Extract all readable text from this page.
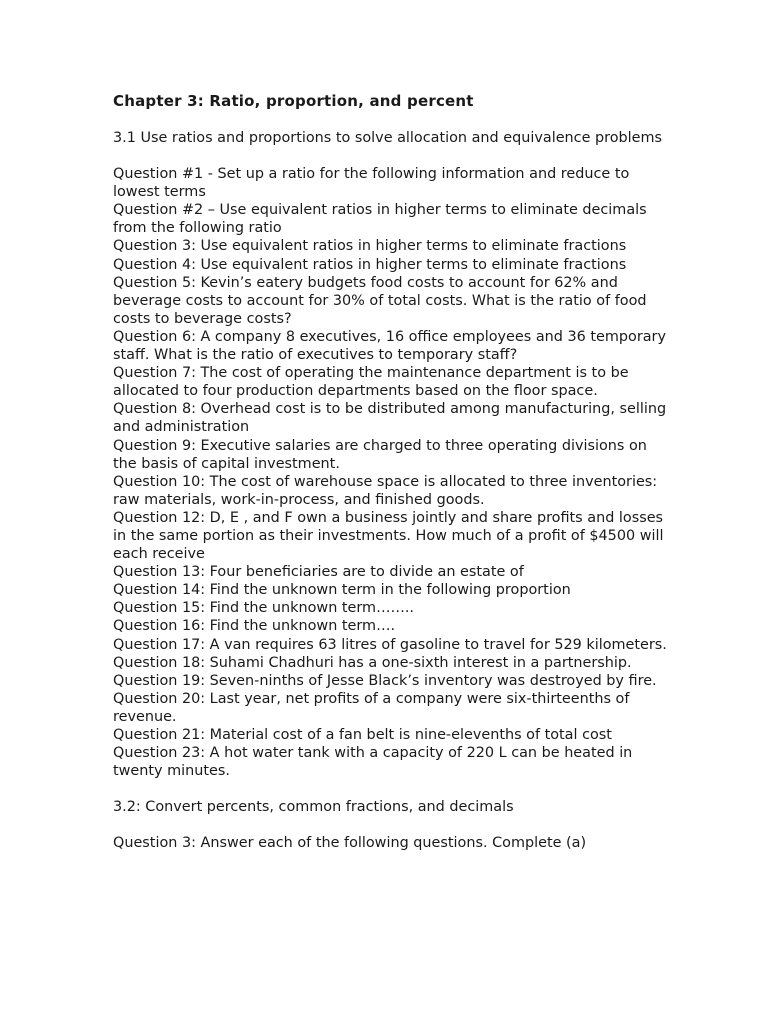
Chapter 3: Ratio, proportion, and percent

3.1 Use ratios and proportions to solve allocation and equivalence problems

Question #1 - Set up a ratio for the following information and reduce to lowest terms
Question #2 – Use equivalent ratios in higher terms to eliminate decimals from the following ratio
Question 3: Use equivalent ratios in higher terms to eliminate fractions
Question 4: Use equivalent ratios in higher terms to eliminate fractions
Question 5: Kevin’s eatery budgets food costs to account for 62% and beverage costs to account for 30% of total costs. What is the ratio of food costs to beverage costs?
Question 6: A company 8 executives, 16 office employees and 36 temporary staff. What is the ratio of executives to temporary staff?
Question 7: The cost of operating the maintenance department is to be allocated to four production departments based on the floor space.
Question 8: Overhead cost is to be distributed among manufacturing, selling and administration
Question 9: Executive salaries are charged to three operating divisions on the basis of capital investment.
Question 10: The cost of warehouse space is allocated to three inventories: raw materials, work-in-process, and finished goods.
Question 12: D, E , and F own a business jointly and share profits and losses in the same portion as their investments. How much of a profit of $4500 will each receive
Question 13: Four beneficiaries are to divide an estate of
Question 14: Find the unknown term in the following proportion
Question 15: Find the unknown term……..
Question 16: Find the unknown term….
Question 17: A van requires 63 litres of gasoline to travel for 529 kilometers.
Question 18: Suhami Chadhuri has a one-sixth interest in a partnership.
Question 19: Seven-ninths of Jesse Black’s inventory was destroyed by fire.
Question 20: Last year, net profits of a company were six-thirteenths of revenue.
Question 21: Material cost of a fan belt is nine-elevenths of total cost
Question 23: A hot water tank with a capacity of 220 L can be heated in twenty minutes.

3.2: Convert percents, common fractions, and decimals

Question 3: Answer each of the following questions. Complete (a)
